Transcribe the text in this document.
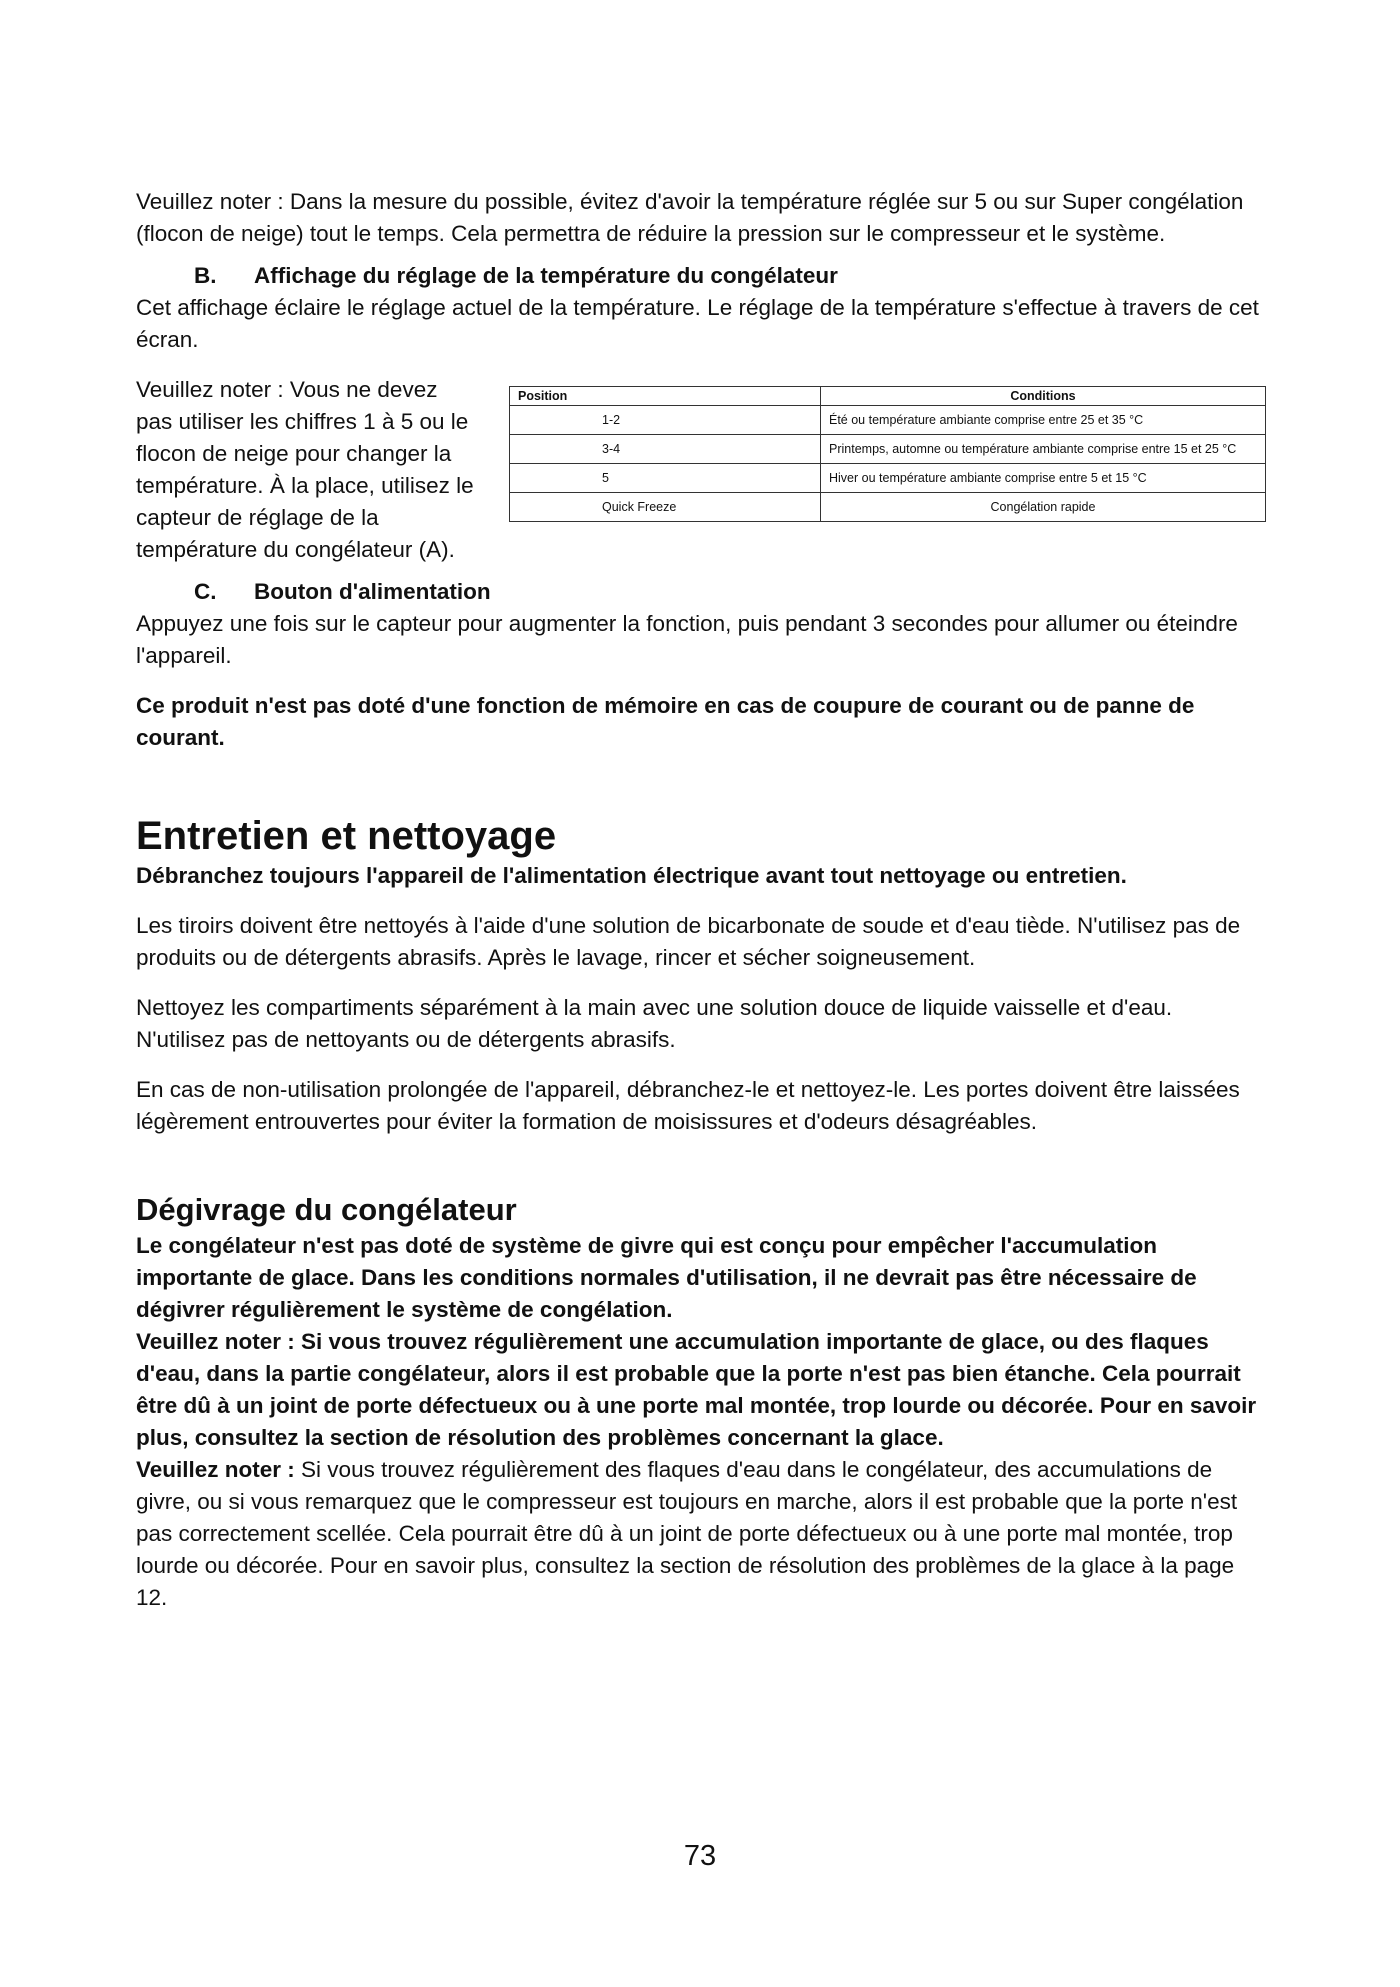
Veuillez noter : Dans la mesure du possible, évitez d'avoir la température réglée sur 5 ou sur Super congélation (flocon de neige) tout le temps. Cela permettra de réduire la pression sur le compresseur et le système.

B.	Affichage du réglage de la température du congélateur

Cet affichage éclaire le réglage actuel de la température. Le réglage de la température s'effectue à travers de cet écran.

Veuillez noter : Vous ne devez pas utiliser les chiffres 1 à 5 ou le flocon de neige pour changer la température. À la place, utilisez le capteur de réglage de la température du congélateur (A).

Position	Conditions
1-2	Été ou température ambiante comprise entre 25 et 35 °C
3-4	Printemps, automne ou température ambiante comprise entre 15 et 25 °C
5	Hiver ou température ambiante comprise entre 5 et 15 °C
Quick Freeze	Congélation rapide
C.	Bouton d'alimentation

Appuyez une fois sur le capteur pour augmenter la fonction, puis pendant 3 secondes pour allumer ou éteindre l'appareil.

Ce produit n'est pas doté d'une fonction de mémoire en cas de coupure de courant ou de panne de courant.

Entretien et nettoyage

Débranchez toujours l'appareil de l'alimentation électrique avant tout nettoyage ou entretien.

Les tiroirs doivent être nettoyés à l'aide d'une solution de bicarbonate de soude et d'eau tiède. N'utilisez pas de produits ou de détergents abrasifs. Après le lavage, rincer et sécher soigneusement.

Nettoyez les compartiments séparément à la main avec une solution douce de liquide vaisselle et d'eau. N'utilisez pas de nettoyants ou de détergents abrasifs.

En cas de non-utilisation prolongée de l'appareil, débranchez-le et nettoyez-le. Les portes doivent être laissées légèrement entrouvertes pour éviter la formation de moisissures et d'odeurs désagréables.

Dégivrage du congélateur

Le congélateur n'est pas doté de système de givre qui est conçu pour empêcher l'accumulation importante de glace. Dans les conditions normales d'utilisation, il ne devrait pas être nécessaire de dégivrer régulièrement le système de congélation.

Veuillez noter : Si vous trouvez régulièrement une accumulation importante de glace, ou des flaques d'eau, dans la partie congélateur, alors il est probable que la porte n'est pas bien étanche. Cela pourrait être dû à un joint de porte défectueux ou à une porte mal montée, trop lourde ou décorée. Pour en savoir plus, consultez la section de résolution des problèmes concernant la glace.

Veuillez noter : Si vous trouvez régulièrement des flaques d'eau dans le congélateur, des accumulations de givre, ou si vous remarquez que le compresseur est toujours en marche, alors il est probable que la porte n'est pas correctement scellée. Cela pourrait être dû à un joint de porte défectueux ou à une porte mal montée, trop lourde ou décorée. Pour en savoir plus, consultez la section de résolution des problèmes de la glace à la page 12.

73
